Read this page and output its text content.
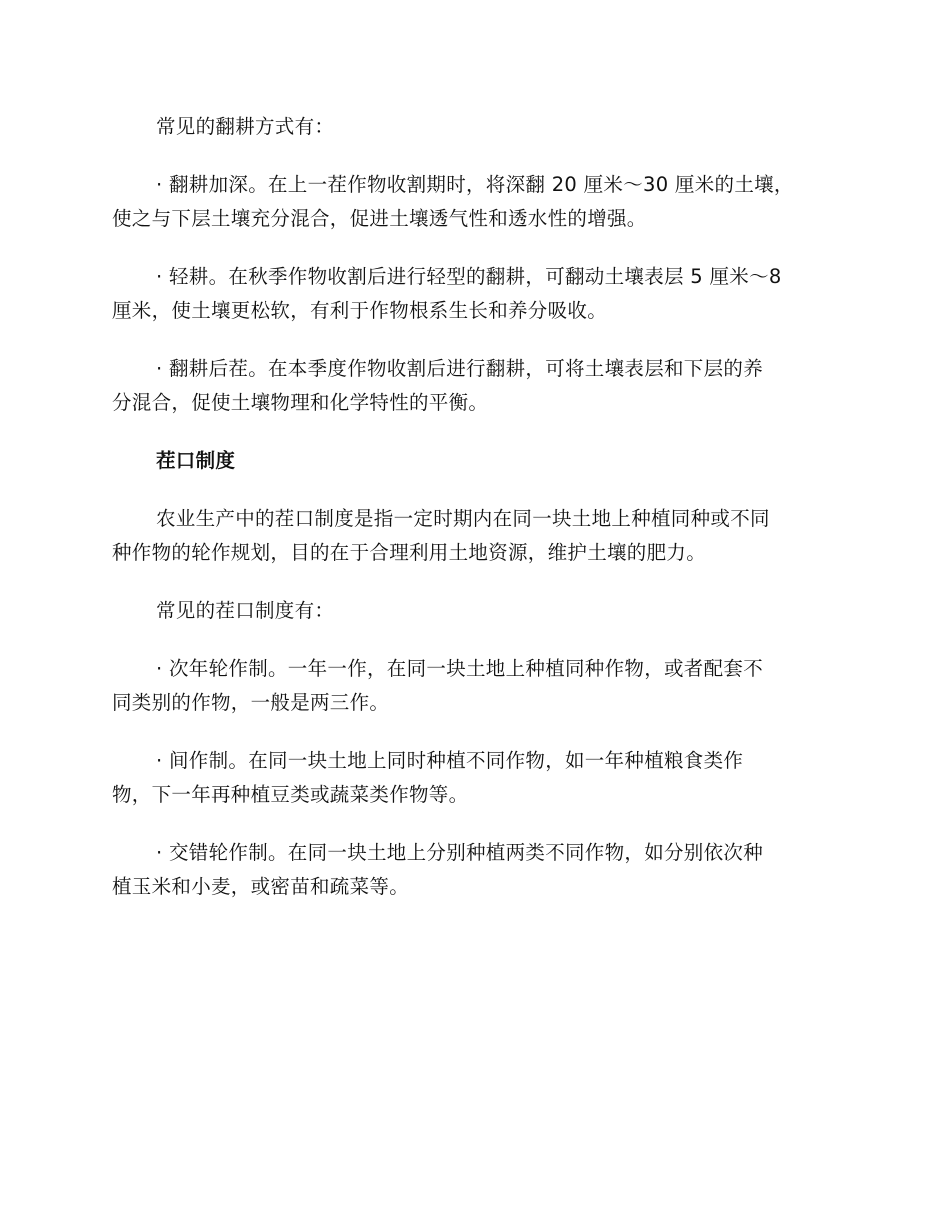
常见的翻耕方式有：

· 翻耕加深。在上一茬作物收割期时，将深翻 20 厘米～30 厘米的土壤，
使之与下层土壤充分混合，促进土壤透气性和透水性的增强。

· 轻耕。在秋季作物收割后进行轻型的翻耕，可翻动土壤表层 5 厘米～8
厘米，使土壤更松软，有利于作物根系生长和养分吸收。

· 翻耕后茬。在本季度作物收割后进行翻耕，可将土壤表层和下层的养
分混合，促使土壤物理和化学特性的平衡。

茬口制度

农业生产中的茬口制度是指一定时期内在同一块土地上种植同种或不同
种作物的轮作规划，目的在于合理利用土地资源，维护土壤的肥力。

常见的茬口制度有：

· 次年轮作制。一年一作，在同一块土地上种植同种作物，或者配套不
同类别的作物，一般是两三作。

· 间作制。在同一块土地上同时种植不同作物，如一年种植粮食类作
物，下一年再种植豆类或蔬菜类作物等。

· 交错轮作制。在同一块土地上分别种植两类不同作物，如分别依次种
植玉米和小麦，或密苗和疏菜等。
